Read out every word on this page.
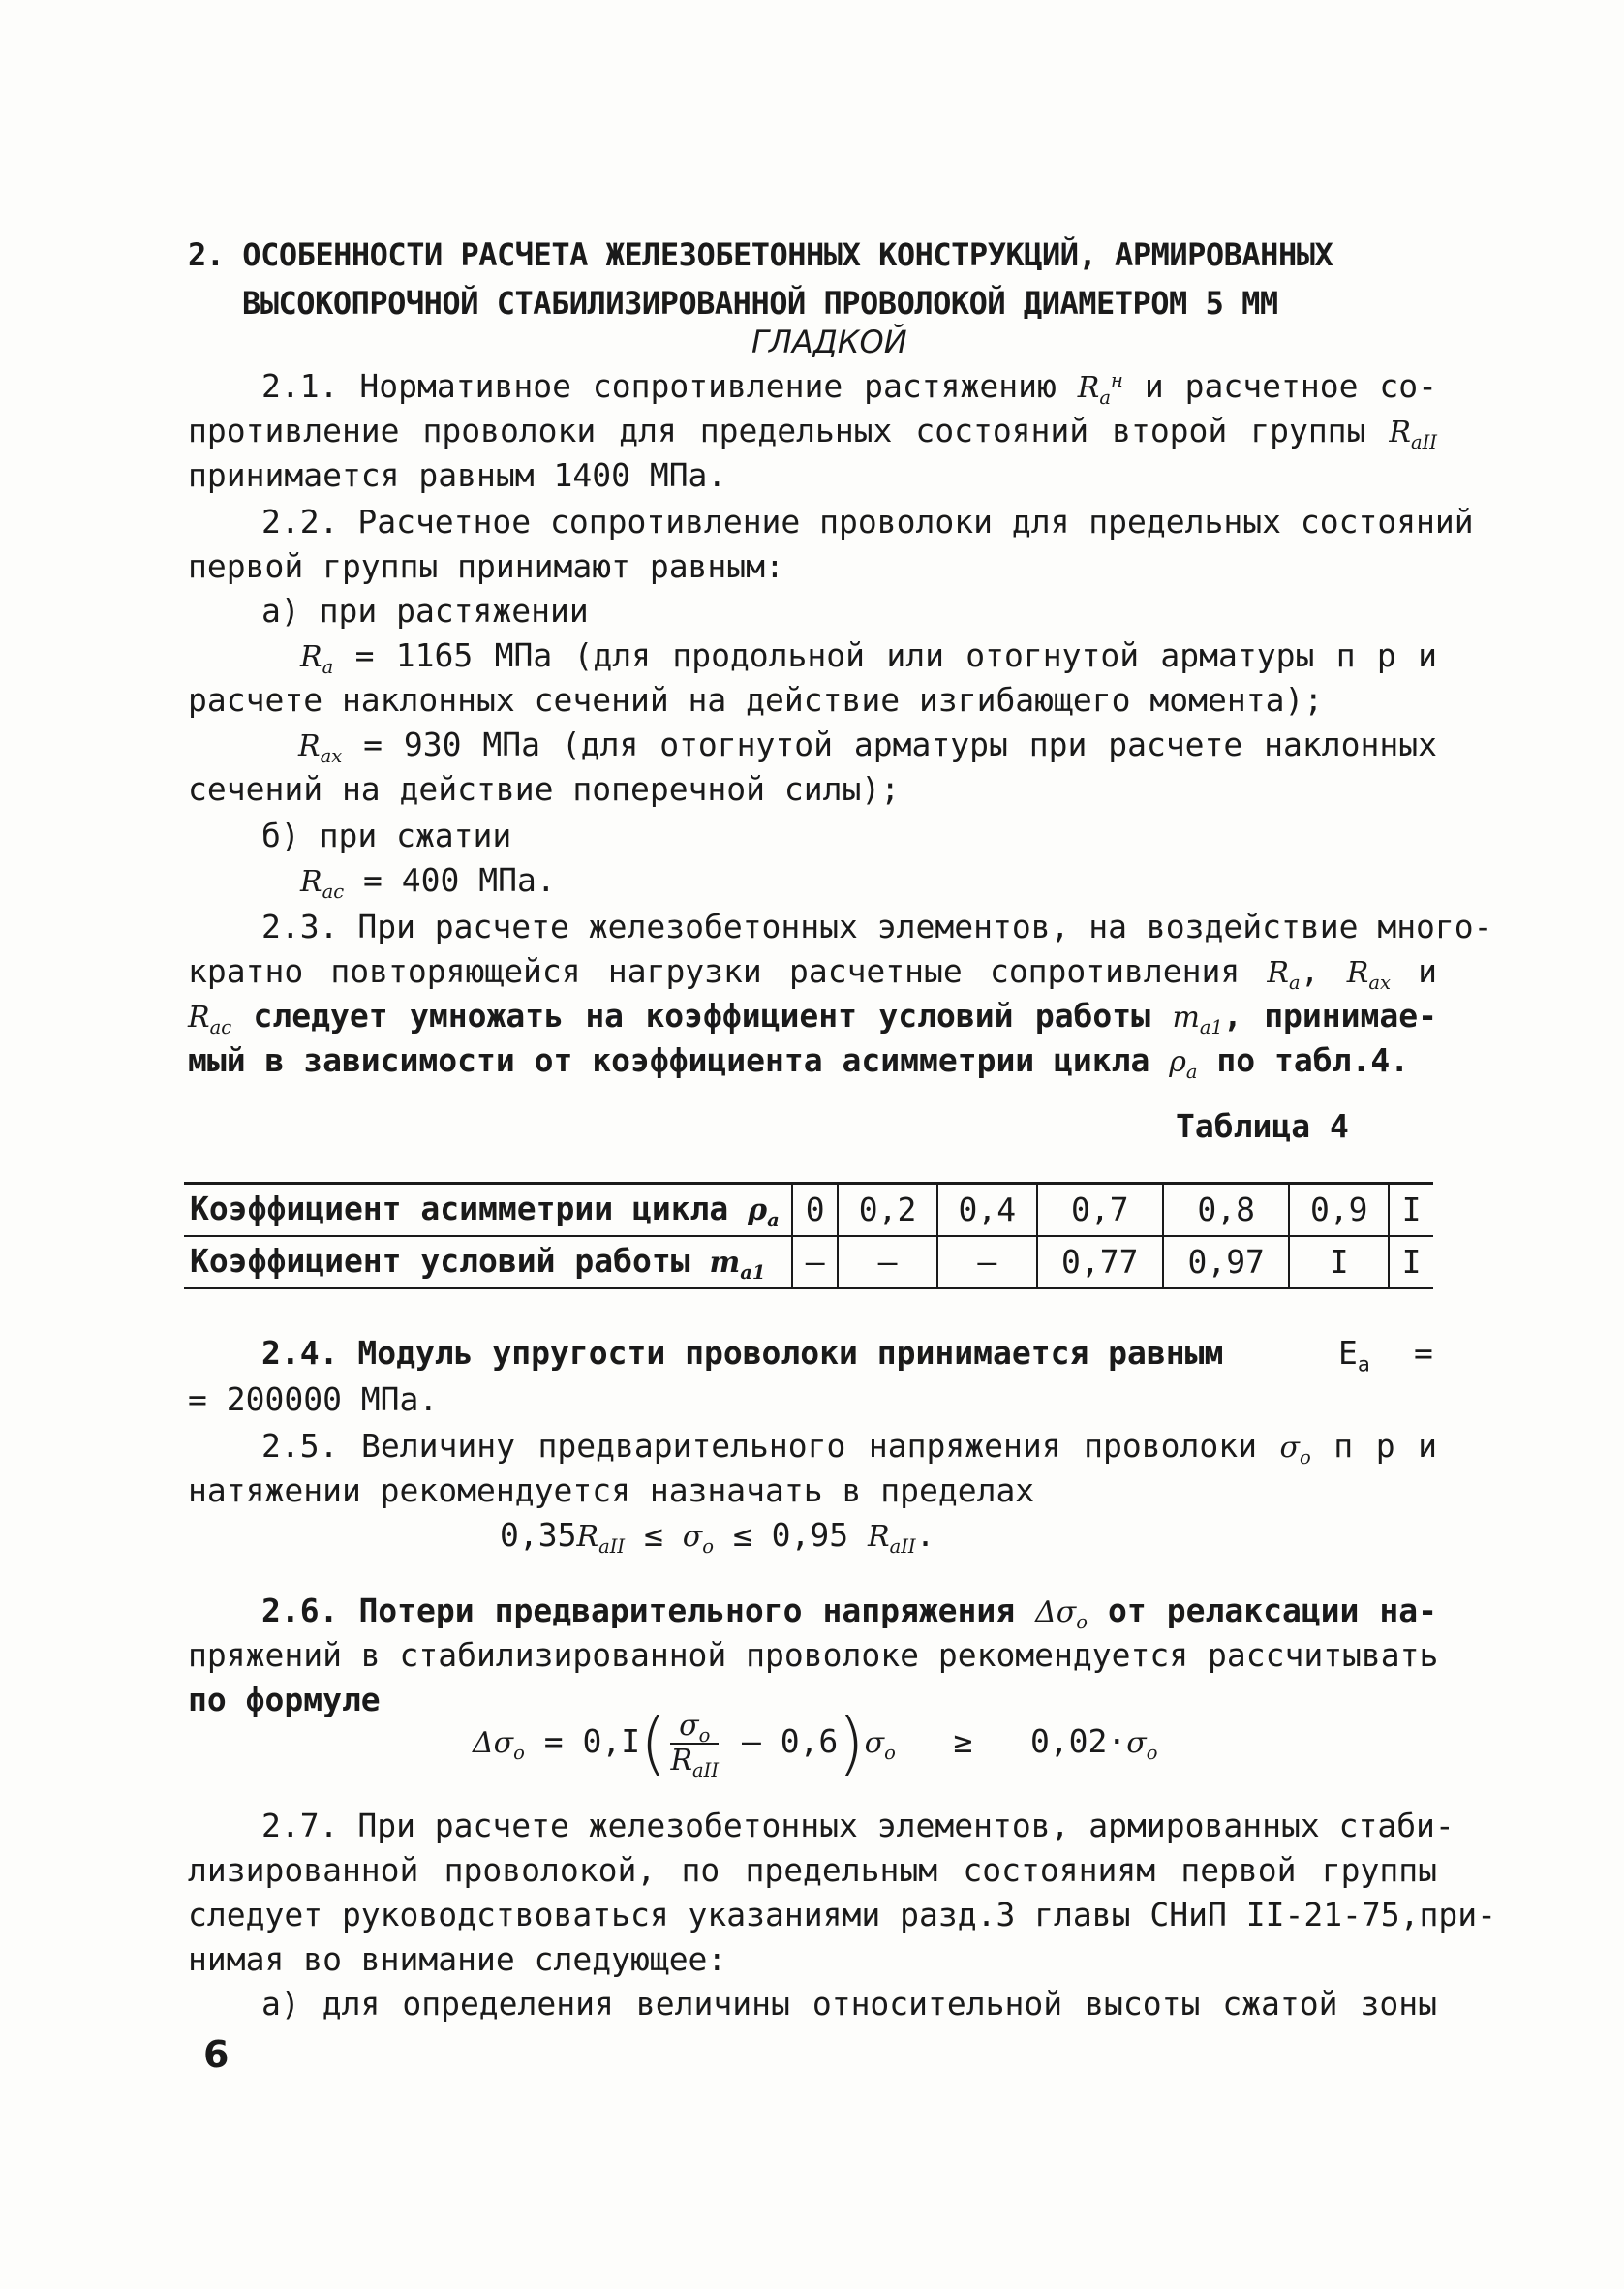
2. ОСОБЕННОСТИ РАСЧЕТА ЖЕЛЕЗОБЕТОННЫХ КОНСТРУКЦИЙ, АРМИРОВАННЫХ
ВЫСОКОПРОЧНОЙ СТАБИЛИЗИРОВАННОЙ ПРОВОЛОКОЙ ДИАМЕТРОМ 5 ММ
ГЛАДКОЙ
2.1. Нормативное сопротивление растяжению $R_a^н$ и расчетное со-
противление проволоки для предельных состояний второй группы $R_{aII}$
принимается равным 1400 МПа.
2.2. Расчетное сопротивление проволоки для предельных состояний
первой группы принимают равным:
а) при растяжении
$R_a = 1165$ МПа (для продольной или отогнутой арматуры п р и
расчете наклонных сечений на действие изгибающего момента);
$R_{ax} = 930$ МПа (для отогнутой арматуры при расчете наклонных
сечений на действие поперечной силы);
б) при сжатии
$R_{ac} = 400$ МПа.
2.3. При расчете железобетонных элементов, на воздействие много-
кратно повторяющейся нагрузки расчетные сопротивления $R_a$, $R_{ax}$ и
$R_{ac}$ следует умножать на коэффициент условий работы $m_{a1}$, принимае-
мый в зависимости от коэффициента асимметрии цикла $\rho_a$ по табл.4.
Таблица 4
Коэффициент асимметрии цикла $\rho_a$	0	0,2	0,4	0,7	0,8	0,9	I
Коэффициент условий работы $m_{a1}$	–	–	–	0,77	0,97	I	I
2.4. Модуль упругости проволоки принимается равным	$E_a$ =
= 200000 МПа.
2.5. Величину предварительного напряжения проволоки $\sigma_o$ п р и
натяжении рекомендуется назначать в пределах
$0,35R_{aII} \le \sigma_o \le 0,95$ $R_{aII}$.
2.6. Потери предварительного напряжения $\Delta\sigma_o$ от релаксации на-
пряжений в стабилизированной проволоке рекомендуется рассчитывать
по формуле
$\Delta\sigma_o = 0,I$( $\sigma_o$
$R_{aII}$
– $0,6)\sigma_o \ge 0,02\cdot\sigma_o$
2.7. При расчете железобетонных элементов, армированных стаби-
лизированной проволокой, по предельным состояниям первой группы
следует руководствоваться указаниями разд.3 главы СНиП II-21-75,при-
нимая во внимание следующее:
а) для определения величины относительной высоты сжатой зоны
6
